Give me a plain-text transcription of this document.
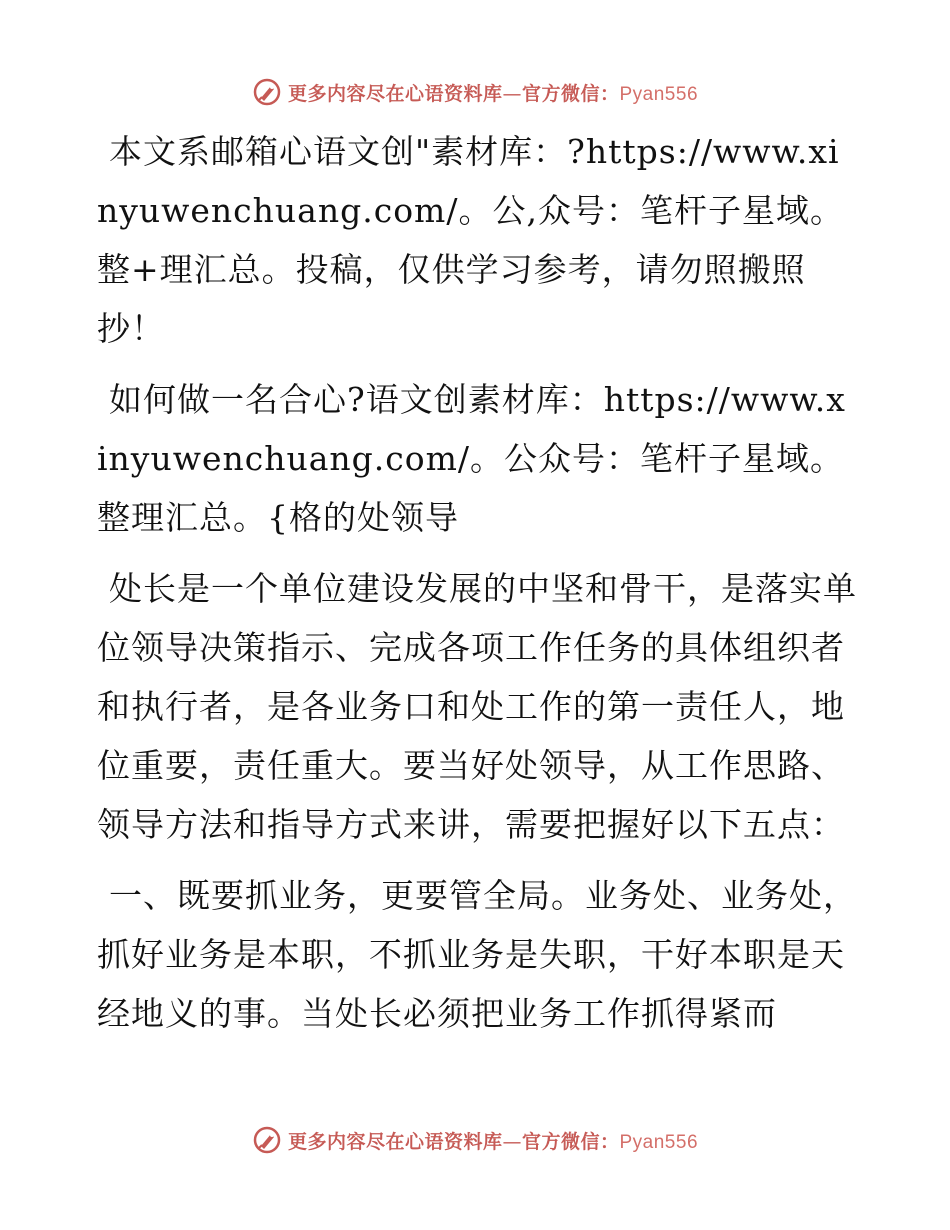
更多内容尽在心语资料库—官方微信：Pyan556

本文系邮箱心语文创"素材库：?https://www.xinyuwenchuang.com/。公,众号：笔杆子星域。整+理汇总。投稿，仅供学习参考，请勿照搬照抄！

如何做一名合心?语文创素材库：https://www.xinyuwenchuang.com/。公众号：笔杆子星域。整理汇总。{格的处领导

处长是一个单位建设发展的中坚和骨干，是落实单位领导决策指示、完成各项工作任务的具体组织者和执行者，是各业务口和处工作的第一责任人，地位重要，责任重大。要当好处领导，从工作思路、领导方法和指导方式来讲，需要把握好以下五点：

一、既要抓业务，更要管全局。业务处、业务处，抓好业务是本职，不抓业务是失职，干好本职是天经地义的事。当处长必须把业务工作抓得紧而

更多内容尽在心语资料库—官方微信：Pyan556
